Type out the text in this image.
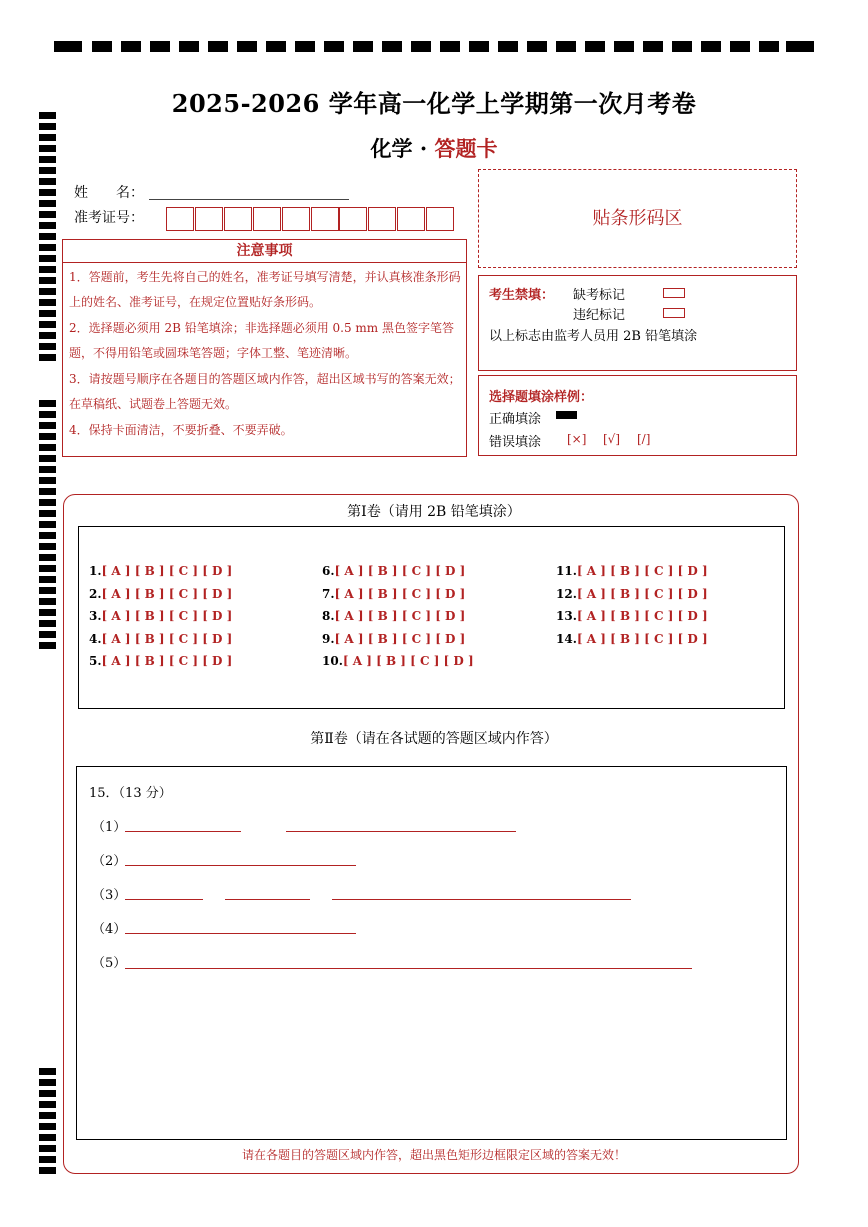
2025-2026 学年高一化学上学期第一次月考卷
化学 · 答题卡
姓　　名：
准考证号：	贴条形码区
注意事项
1．答题前，考生先将自己的姓名，准考证号填写清楚，并认真核准条形码上的姓名、准考证号，在规定位置贴好条形码。
2．选择题必须用 2B 铅笔填涂；非选择题必须用 0.5 mm 黑色签字笔答题，不得用铅笔或圆珠笔答题；字体工整、笔迹清晰。
3．请按题号顺序在各题目的答题区域内作答，超出区域书写的答案无效；在草稿纸、试题卷上答题无效。
4．保持卡面清洁，不要折叠、不要弄破。
考生禁填： 缺考标记
违纪标记
以上标志由监考人员用 2B 铅笔填涂
选择题填涂样例：
正确填涂
错误填涂 [×] [√] [/]
第Ⅰ卷（请用 2B 铅笔填涂）
1.[ A ] [ B ] [ C ] [ D ]
2.[ A ] [ B ] [ C ] [ D ]
3.[ A ] [ B ] [ C ] [ D ]
4.[ A ] [ B ] [ C ] [ D ]
5.[ A ] [ B ] [ C ] [ D ]
6.[ A ] [ B ] [ C ] [ D ]
7.[ A ] [ B ] [ C ] [ D ]
8.[ A ] [ B ] [ C ] [ D ]
9.[ A ] [ B ] [ C ] [ D ]
10.[ A ] [ B ] [ C ] [ D ]
11.[ A ] [ B ] [ C ] [ D ]
12.[ A ] [ B ] [ C ] [ D ]
13.[ A ] [ B ] [ C ] [ D ]
14.[ A ] [ B ] [ C ] [ D ]
第Ⅱ卷（请在各试题的答题区域内作答）
15．（13 分）
（1）
（2）
（3）
（4）
（5）
请在各题目的答题区域内作答，超出黑色矩形边框限定区域的答案无效！
